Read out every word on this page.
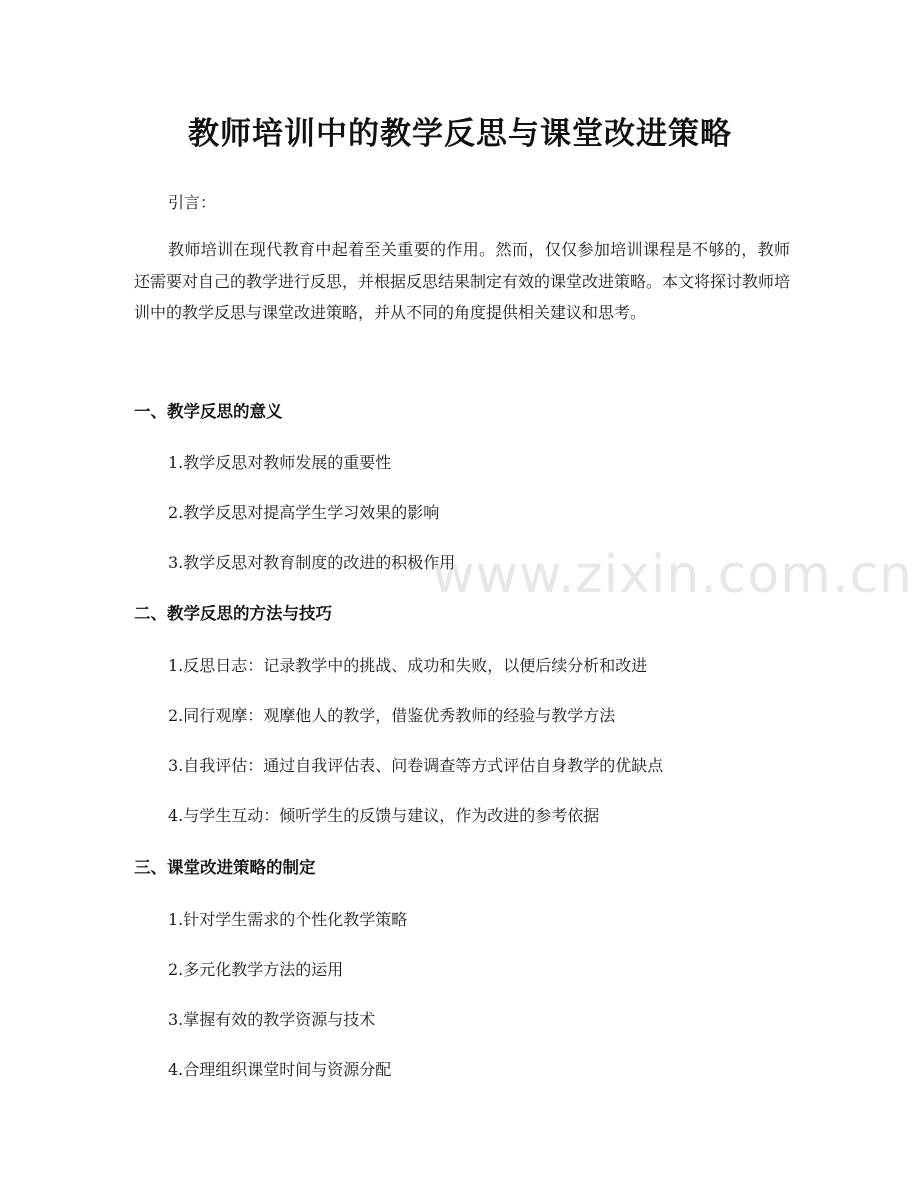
教师培训中的教学反思与课堂改进策略
引言：
教师培训在现代教育中起着至关重要的作用。然而，仅仅参加培训课程是不够的，教师还需要对自己的教学进行反思，并根据反思结果制定有效的课堂改进策略。本文将探讨教师培训中的教学反思与课堂改进策略，并从不同的角度提供相关建议和思考。
一、教学反思的意义
1.教学反思对教师发展的重要性
2.教学反思对提高学生学习效果的影响
3.教学反思对教育制度的改进的积极作用
二、教学反思的方法与技巧
1.反思日志：记录教学中的挑战、成功和失败，以便后续分析和改进
2.同行观摩：观摩他人的教学，借鉴优秀教师的经验与教学方法
3.自我评估：通过自我评估表、问卷调查等方式评估自身教学的优缺点
4.与学生互动：倾听学生的反馈与建议，作为改进的参考依据
三、课堂改进策略的制定
1.针对学生需求的个性化教学策略
2.多元化教学方法的运用
3.掌握有效的教学资源与技术
4.合理组织课堂时间与资源分配
www.zixin.com.cn
